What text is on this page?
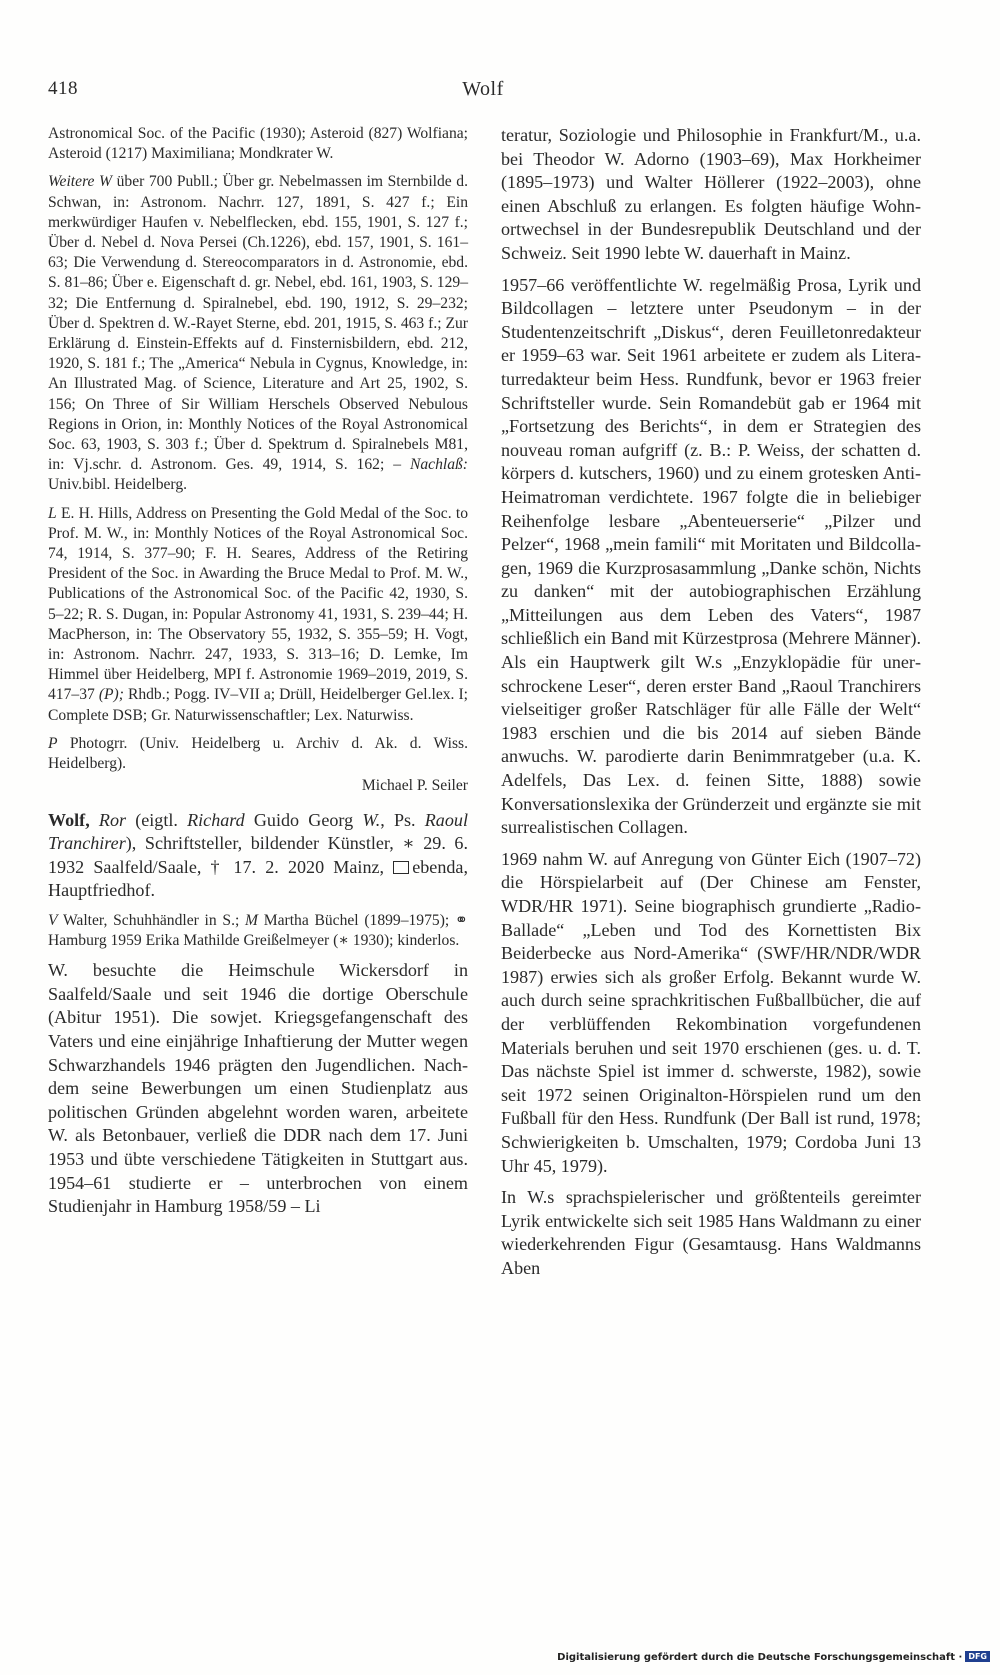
418	Wolf

Astronomical Soc. of the Pacific (1930); Asteroid (827) Wolfiana; Asteroid (1217) Maximiliana; Mondkrater W.

Weitere W über 700 Publl.; Über gr. Nebelmassen im Sternbilde d. Schwan, in: Astronom. Nachrr. 127, 1891, S. 427 f.; Ein merkwürdiger Haufen v. Nebelflecken, ebd. 155, 1901, S. 127 f.; Über d. Nebel d. Nova Persei (Ch.1226), ebd. 157, 1901, S. 161–63; Die Verwendung d. Stereocomparators in d. Astronomie, ebd. S. 81–86; Über e. Eigenschaft d. gr. Nebel, ebd. 161, 1903, S. 129–32; Die Entfernung d. Spiralnebel, ebd. 190, 1912, S. 29–232; Über d. Spektren d. W.-Rayet Sterne, ebd. 201, 1915, S. 463 f.; Zur Erklärung d. Einstein-Effekts auf d. Finsternisbildern, ebd. 212, 1920, S. 181 f.; The „America“ Nebula in Cygnus, Knowledge, in: An Illustrated Mag. of Science, Literature and Art 25, 1902, S. 156; On Three of Sir William Herschels Observed Nebulous Regions in Orion, in: Monthly Notices of the Royal Astronomical Soc. 63, 1903, S. 303 f.; Über d. Spektrum d. Spiralnebels M81, in: Vj.schr. d. Astronom. Ges. 49, 1914, S. 162; – Nachlaß: Univ.bibl. Heidelberg.

L E. H. Hills, Address on Presenting the Gold Medal of the Soc. to Prof. M. W., in: Monthly Notices of the Royal Astronomical Soc. 74, 1914, S. 377–90; F. H. Seares, Address of the Retiring President of the Soc. in Awarding the Bruce Medal to Prof. M. W., Publications of the Astronomical Soc. of the Pacific 42, 1930, S. 5–22; R. S. Dugan, in: Popular Astronomy 41, 1931, S. 239–44; H. MacPherson, in: The Observatory 55, 1932, S. 355–59; H. Vogt, in: Astronom. Nachrr. 247, 1933, S. 313–16; D. Lemke, Im Himmel über Heidelberg, MPI f. Astronomie 1969–2019, 2019, S. 417–37 (P); Rhdb.; Pogg. IV–VII a; Drüll, Heidelberger Gel.lex. I; Complete DSB; Gr. Naturwissenschaftler; Lex. Naturwiss.

P Photogrr. (Univ. Heidelberg u. Archiv d. Ak. d. Wiss. Heidelberg).

Michael P. Seiler

Wolf, Ror (eigtl. Richard Guido Georg W., Ps. Raoul Tranchirer), Schriftsteller, bildender Künstler, ∗ 29. 6. 1932 Saalfeld/Saale, † 17. 2. 2020 Mainz, ebenda, Hauptfriedhof.

V Walter, Schuhhändler in S.; M Martha Büchel (1899–1975); ⚭ Hamburg 1959 Erika Mathilde Greißelmeyer (∗ 1930); kinderlos.

W. besuchte die Heimschule Wickersdorf in Saalfeld/Saale und seit 1946 die dortige Oberschule (Abitur 1951). Die sowjet. Kriegsgefangenschaft des Vaters und eine einjährige Inhaftierung der Mutter wegen Schwarzhandels 1946 prägten den Jugendlichen. Nachdem seine Bewerbungen um einen Studienplatz aus politischen Gründen abgelehnt worden waren, arbeitete W. als Betonbauer, verließ die DDR nach dem 17. Juni 1953 und übte verschiedene Tätigkeiten in Stuttgart aus. 1954–61 studierte er – unterbrochen von einem Studienjahr in Hamburg 1958/59 – Li

teratur, Soziologie und Philosophie in Frankfurt/M., u.a. bei Theodor W. Adorno (1903–69), Max Horkheimer (1895–1973) und Walter Höllerer (1922–2003), ohne einen Abschluß zu erlangen. Es folgten häufige Wohnortwechsel in der Bundesrepublik Deutschland und der Schweiz. Seit 1990 lebte W. dauerhaft in Mainz.

1957–66 veröffentlichte W. regelmäßig Prosa, Lyrik und Bildcollagen – letztere unter Pseudonym – in der Studentenzeitschrift „Diskus“, deren Feuilletonredakteur er 1959–63 war. Seit 1961 arbeitete er zudem als Literaturredakteur beim Hess. Rundfunk, bevor er 1963 freier Schriftsteller wurde. Sein Romandebüt gab er 1964 mit „Fortsetzung des Berichts“, in dem er Strategien des nouveau roman aufgriff (z. B.: P. Weiss, der schatten d. körpers d. kutschers, 1960) und zu einem grotesken Anti-Heimatroman verdichtete. 1967 folgte die in beliebiger Reihenfolge lesbare „Abenteuerserie“ „Pilzer und Pelzer“, 1968 „mein famili“ mit Moritaten und Bildcollagen, 1969 die Kurzprosasammlung „Danke schön, Nichts zu danken“ mit der autobiographischen Erzählung „Mitteilungen aus dem Leben des Vaters“, 1987 schließlich ein Band mit Kürzestprosa (Mehrere Männer). Als ein Hauptwerk gilt W.s „Enzyklopädie für unerschrockene Leser“, deren erster Band „Raoul Tranchirers vielseitiger großer Ratschläger für alle Fälle der Welt“ 1983 erschien und die bis 2014 auf sieben Bände anwuchs. W. parodierte darin Benimmratgeber (u.a. K. Adelfels, Das Lex. d. feinen Sitte, 1888) sowie Konversationslexika der Gründerzeit und ergänzte sie mit surrealistischen Collagen.

1969 nahm W. auf Anregung von Günter Eich (1907–72) die Hörspielarbeit auf (Der Chinese am Fenster, WDR/HR 1971). Seine biographisch grundierte „Radio-Ballade“ „Leben und Tod des Kornettisten Bix Beiderbecke aus Nord-Amerika“ (SWF/HR/NDR/WDR 1987) erwies sich als großer Erfolg. Bekannt wurde W. auch durch seine sprachkritischen Fußballbücher, die auf der verblüffenden Rekombination vorgefundenen Materials beruhen und seit 1970 erschienen (ges. u. d. T. Das nächste Spiel ist immer d. schwerste, 1982), sowie seit 1972 seinen Originalton-Hörspielen rund um den Fußball für den Hess. Rundfunk (Der Ball ist rund, 1978; Schwierigkeiten b. Umschalten, 1979; Cordoba Juni 13 Uhr 45, 1979).

In W.s sprachspielerischer und größtenteils gereimter Lyrik entwickelte sich seit 1985 Hans Waldmann zu einer wiederkehrenden Figur (Gesamtausg. Hans Waldmanns Aben

Digitalisierung gefördert durch die Deutsche Forschungsgemeinschaft · DFG
